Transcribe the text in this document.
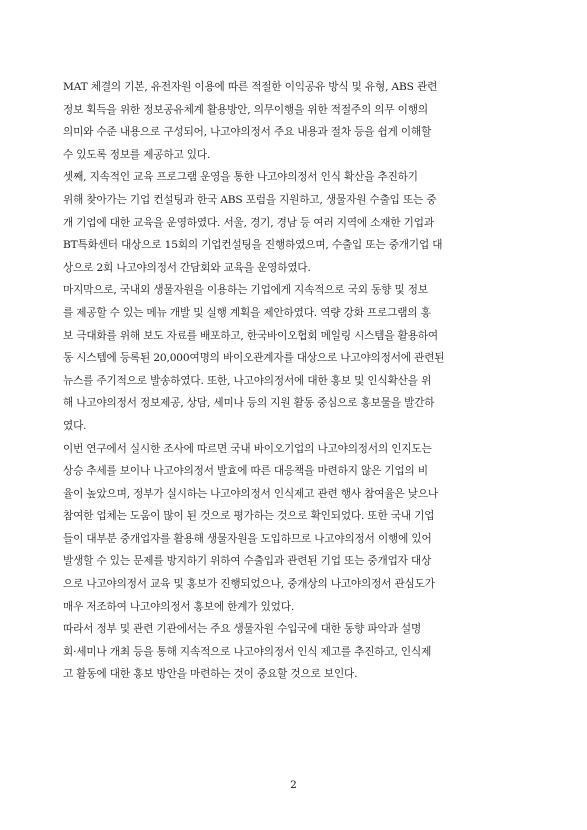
MAT 체결의 기본, 유전자원 이용에 따른 적절한 이익공유 방식 및 유형, ABS 관련
정보 획득을 위한 정보공유체계 활용방안, 의무이행을 위한 적절주의 의무 이행의
의미와 수준 내용으로 구성되어, 나고야의정서 주요 내용과 절차 등을 쉽게 이해할
수 있도록 정보를 제공하고 있다.
셋째, 지속적인 교육 프로그램 운영을 통한 나고야의정서 인식 확산을 추진하기
위해 찾아가는 기업 컨설팅과 한국 ABS 포럼을 지원하고, 생물자원 수출입 또는 중
개 기업에 대한 교육을 운영하였다. 서울, 경기, 경남 등 여러 지역에 소재한 기업과
BT특화센터 대상으로 15회의 기업컨설팅을 진행하였으며, 수출입 또는 중개기업 대
상으로 2회 나고야의정서 간담회와 교육을 운영하였다.
마지막으로, 국내외 생물자원을 이용하는 기업에게 지속적으로 국외 동향 및 정보
를 제공할 수 있는 메뉴 개발 및 실행 계획을 제안하였다. 역량 강화 프로그램의 홍
보 극대화를 위해 보도 자료를 배포하고, 한국바이오협회 메일링 시스템을 활용하여
동 시스템에 등록된 20,000여명의 바이오관계자를 대상으로 나고야의정서에 관련된
뉴스를 주기적으로 발송하였다. 또한, 나고야의정서에 대한 홍보 및 인식확산을 위
해 나고야의정서 정보제공, 상담, 세미나 등의 지원 활동 중심으로 홍보물을 발간하
였다.
이번 연구에서 실시한 조사에 따르면 국내 바이오기업의 나고야의정서의 인지도는
상승 추세를 보이나 나고야의정서 발효에 따른 대응책을 마련하지 않은 기업의 비
율이 높았으며, 정부가 실시하는 나고야의정서 인식제고 관련 행사 참여율은 낮으나
참여한 업체는 도움이 많이 된 것으로 평가하는 것으로 확인되었다. 또한 국내 기업
들이 대부분 중개업자를 활용해 생물자원을 도입하므로 나고야의정서 이행에 있어
발생할 수 있는 문제를 방지하기 위하여 수출입과 관련된 기업 또는 중개업자 대상
으로 나고야의정서 교육 및 홍보가 진행되었으나, 중개상의 나고야의정서 관심도가
매우 저조하여 나고야의정서 홍보에 한계가 있었다.
따라서 정부 및 관련 기관에서는 주요 생물자원 수입국에 대한 동향 파악과 설명
회·세미나 개최 등을 통해 지속적으로 나고야의정서 인식 제고를 추진하고, 인식제
고 활동에 대한 홍보 방안을 마련하는 것이 중요할 것으로 보인다.
2
